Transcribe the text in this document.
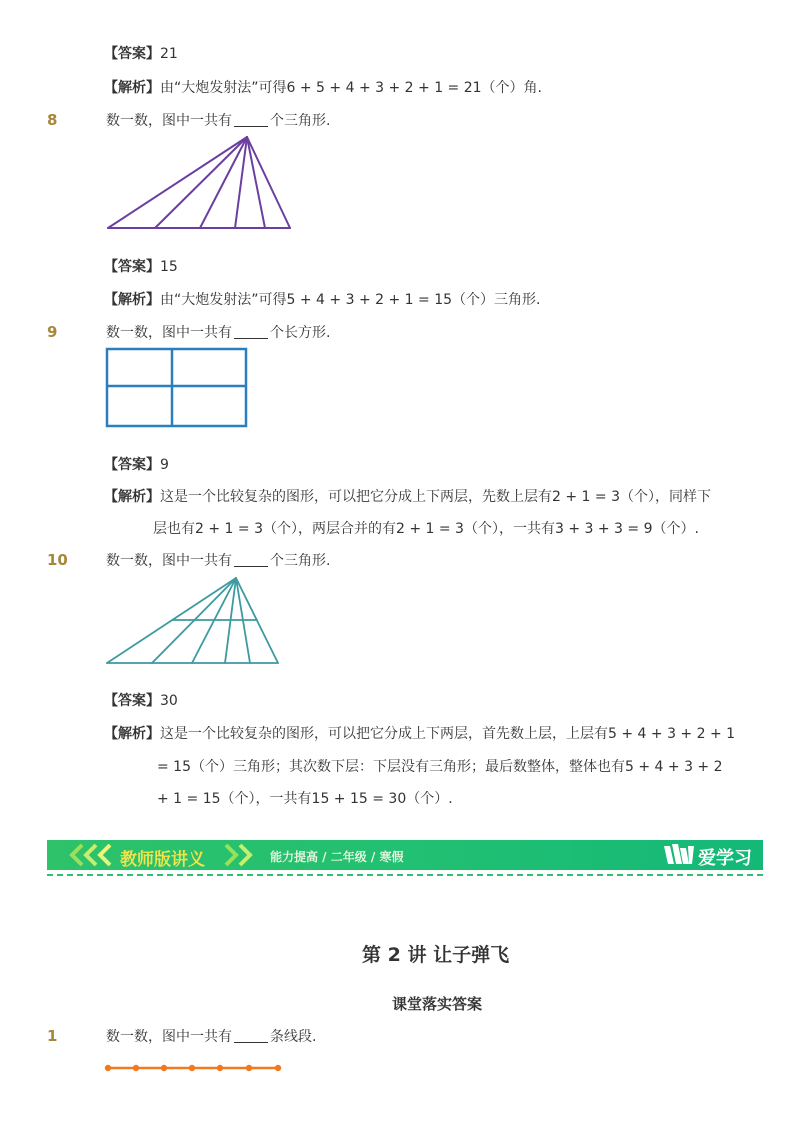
【答案】21
【解析】由“大炮发射法”可得6 + 5 + 4 + 3 + 2 + 1 = 21（个）角.
8	数一数，图中一共有	个三角形.
【答案】15
【解析】由“大炮发射法”可得5 + 4 + 3 + 2 + 1 = 15（个）三角形.
9	数一数，图中一共有	个长方形.
【答案】9
【解析】这是一个比较复杂的图形，可以把它分成上下两层，先数上层有2 + 1 = 3（个），同样下
层也有2 + 1 = 3（个），两层合并的有2 + 1 = 3（个），一共有3 + 3 + 3 = 9（个）.
10	数一数，图中一共有	个三角形.
【答案】30
【解析】这是一个比较复杂的图形，可以把它分成上下两层，首先数上层，上层有5 + 4 + 3 + 2 + 1
= 15（个）三角形；其次数下层：下层没有三角形；最后数整体，整体也有5 + 4 + 3 + 2
+ 1 = 15（个），一共有15 + 15 = 30（个）.
教师版讲义	能力提高 / 二年级 / 寒假	爱学习
第 2 讲 让子弹飞
课堂落实答案
1	数一数，图中一共有	条线段.
